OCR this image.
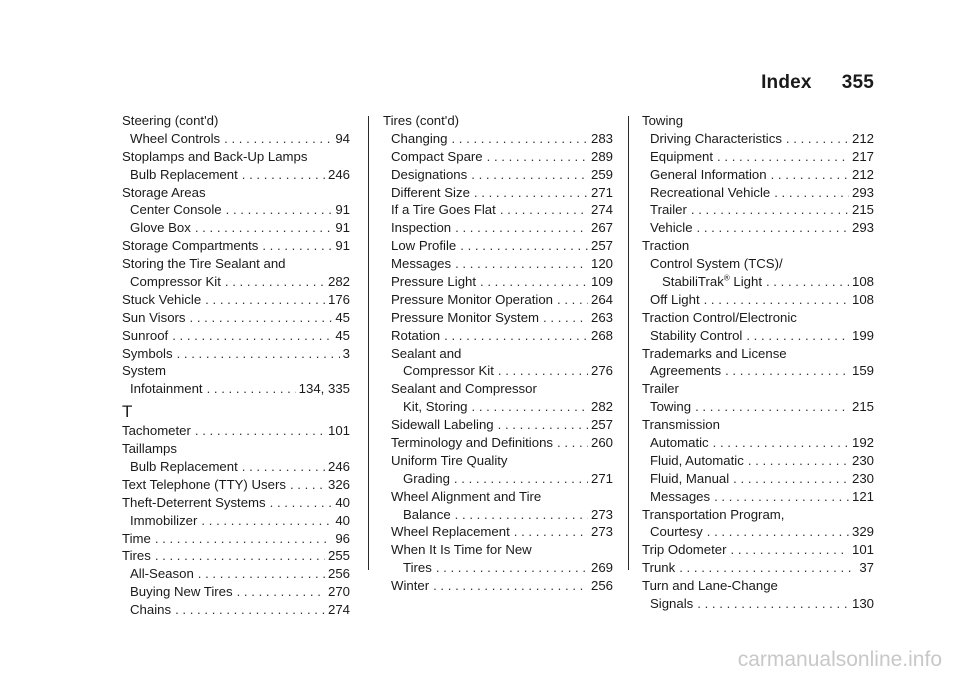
Index 355
Steering (cont'd)
Wheel Controls . . .	94
Stoplamps and Back-Up Lamps
Bulb Replacement . . .	246
Storage Areas
Center Console . . .	91
Glove Box . . .	91
Storage Compartments . . .	91
Storing the Tire Sealant and
Compressor Kit . . .	282
Stuck Vehicle . . .	176
Sun Visors . . .	45
Sunroof . . .	45
Symbols . . .	3
System
Infotainment . . .	134, 335
T
Tachometer . . .	101
Taillamps
Bulb Replacement . . .	246
Text Telephone (TTY) Users . . .	326
Theft-Deterrent Systems . . .	40
Immobilizer . . .	40
Time . . .	96
Tires . . .	255
All-Season . . .	256
Buying New Tires . . .	270
Chains . . .	274
Tires (cont'd)
Changing . . .	283
Compact Spare . . .	289
Designations . . .	259
Different Size . . .	271
If a Tire Goes Flat . . .	274
Inspection . . .	267
Low Profile . . .	257
Messages . . .	120
Pressure Light . . .	109
Pressure Monitor Operation . . .	264
Pressure Monitor System . . .	263
Rotation . . .	268
Sealant and
Compressor Kit . . .	276
Sealant and Compressor
Kit, Storing . . .	282
Sidewall Labeling . . .	257
Terminology and Definitions . . .	260
Uniform Tire Quality
Grading . . .	271
Wheel Alignment and Tire
Balance . . .	273
Wheel Replacement . . .	273
When It Is Time for New
Tires . . .	269
Winter . . .	256
Towing
Driving Characteristics . . .	212
Equipment . . .	217
General Information . . .	212
Recreational Vehicle . . .	293
Trailer . . .	215
Vehicle . . .	293
Traction
Control System (TCS)/
StabiliTrak® Light . . .	108
Off Light . . .	108
Traction Control/Electronic
Stability Control . . .	199
Trademarks and License
Agreements . . .	159
Trailer
Towing . . .	215
Transmission
Automatic . . .	192
Fluid, Automatic . . .	230
Fluid, Manual . . .	230
Messages . . .	121
Transportation Program,
Courtesy . . .	329
Trip Odometer . . .	101
Trunk . . .	37
Turn and Lane-Change
Signals . . .	130
carmanualsonline.info
